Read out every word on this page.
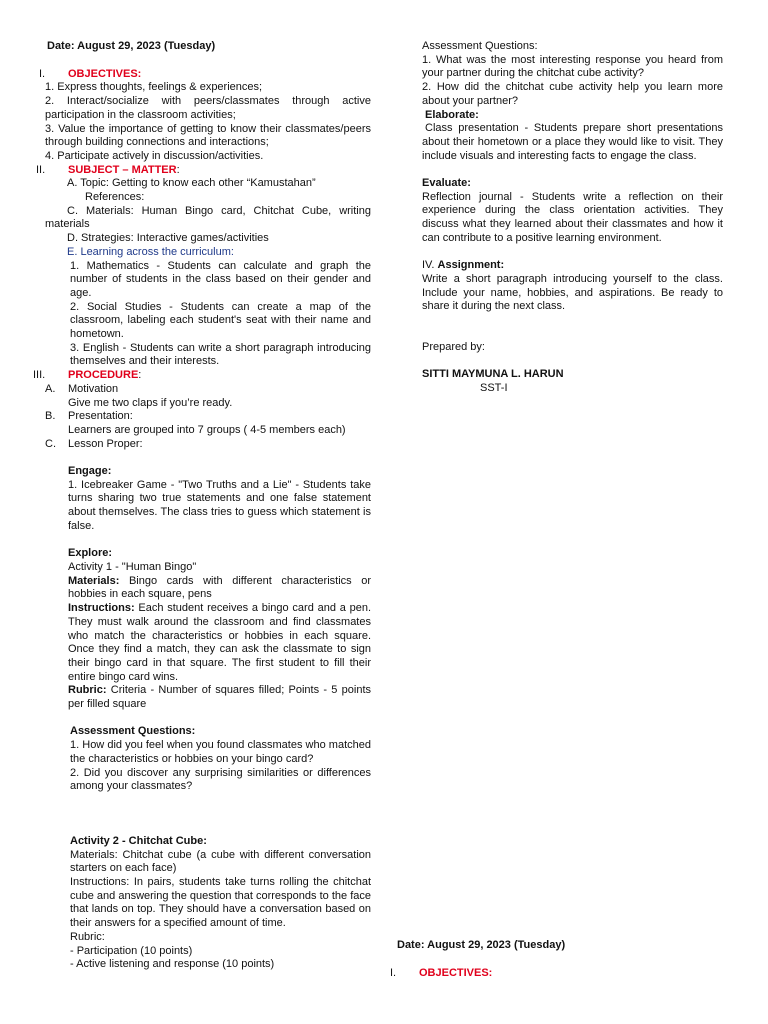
Date: August 29, 2023 (Tuesday)
I.	OBJECTIVES:
1. Express thoughts, feelings & experiences;
2. Interact/socialize with peers/classmates through active participation in the classroom activities;
3. Value the importance of getting to know their classmates/peers through building connections and interactions;
4. Participate actively in discussion/activities.
II.	SUBJECT – MATTER :
A. Topic: Getting to know each other “Kamustahan”
References:
C. Materials: Human Bingo card, Chitchat Cube, writing materials
D. Strategies: Interactive games/activities
E. Learning across the curriculum:
1. Mathematics - Students can calculate and graph the number of students in the class based on their gender and age.
2. Social Studies - Students can create a map of the classroom, labeling each student's seat with their name and hometown.
3. English - Students can write a short paragraph introducing themselves and their interests.
III.	PROCEDURE :
A.	Motivation
Give me two claps if you’re ready.
B.	Presentation:
Learners are grouped into 7 groups ( 4-5 members each)
C.	Lesson Proper:
Engage:
1. Icebreaker Game - "Two Truths and a Lie" - Students take turns sharing two true statements and one false statement about themselves. The class tries to guess which statement is false.
Explore:
Activity 1 - "Human Bingo"
Materials: Bingo cards with different characteristics or hobbies in each square, pens
Instructions: Each student receives a bingo card and a pen. They must walk around the classroom and find classmates who match the characteristics or hobbies in each square. Once they find a match, they can ask the classmate to sign their bingo card in that square. The first student to fill their entire bingo card wins.
Rubric: Criteria - Number of squares filled; Points - 5 points per filled square
Assessment Questions:
1. How did you feel when you found classmates who matched the characteristics or hobbies on your bingo card?
2. Did you discover any surprising similarities or differences among your classmates?
Activity 2 - Chitchat Cube:
Materials: Chitchat cube (a cube with different conversation starters on each face)
Instructions: In pairs, students take turns rolling the chitchat cube and answering the question that corresponds to the face that lands on top. They should have a conversation based on their answers for a specified amount of time.
Rubric:
- Participation (10 points)
- Active listening and response (10 points)
Assessment Questions:
1. What was the most interesting response you heard from your partner during the chitchat cube activity?
2. How did the chitchat cube activity help you learn more about your partner?
Elaborate:
Class presentation - Students prepare short presentations about their hometown or a place they would like to visit. They include visuals and interesting facts to engage the class.
Evaluate:
Reflection journal - Students write a reflection on their experience during the class orientation activities. They discuss what they learned about their classmates and how it can contribute to a positive learning environment.
IV. Assignment:
Write a short paragraph introducing yourself to the class. Include your name, hobbies, and aspirations. Be ready to share it during the next class.
Prepared by:
SITTI MAYMUNA L. HARUN
SST-I
Date: August 29, 2023 (Tuesday)
I.	OBJECTIVES:
